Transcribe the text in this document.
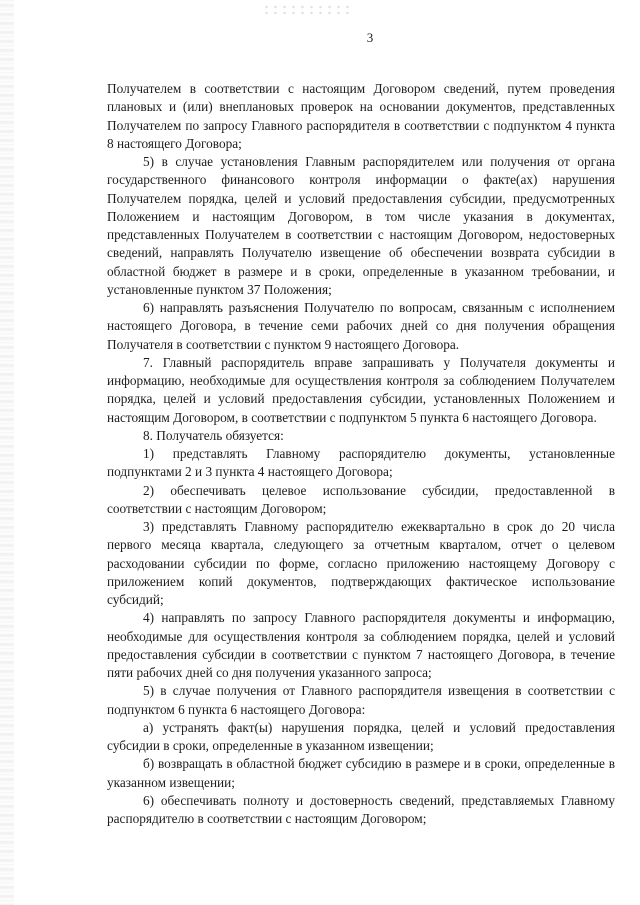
3

Получателем в соответствии с настоящим Договором сведений, путем проведения плановых и (или) внеплановых проверок на основании документов, представленных Получателем по запросу Главного распорядителя в соответствии с подпунктом 4 пункта 8 настоящего Договора;

5) в случае установления Главным распорядителем или получения от органа государственного финансового контроля информации о факте(ах) нарушения Получателем порядка, целей и условий предоставления субсидии, предусмотренных Положением и настоящим Договором, в том числе указания в документах, представленных Получателем в соответствии с настоящим Договором, недостоверных сведений, направлять Получателю извещение об обеспечении возврата субсидии в областной бюджет в размере и в сроки, определенные в указанном требовании, и установленные пунктом 37 Положения;

6) направлять разъяснения Получателю по вопросам, связанным с исполнением настоящего Договора, в течение семи рабочих дней со дня получения обращения Получателя в соответствии с пунктом 9 настоящего Договора.

7. Главный распорядитель вправе запрашивать у Получателя документы и информацию, необходимые для осуществления контроля за соблюдением Получателем порядка, целей и условий предоставления субсидии, установленных Положением и настоящим Договором, в соответствии с подпунктом 5 пункта 6 настоящего Договора.

8. Получатель обязуется:

1) представлять Главному распорядителю документы, установленные подпунктами 2 и 3 пункта 4 настоящего Договора;

2) обеспечивать целевое использование субсидии, предоставленной в соответствии с настоящим Договором;

3) представлять Главному распорядителю ежеквартально в срок до 20 числа первого месяца квартала, следующего за отчетным кварталом, отчет о целевом расходовании субсидии по форме, согласно приложению настоящему Договору с приложением копий документов, подтверждающих фактическое использование субсидий;

4) направлять по запросу Главного распорядителя документы и информацию, необходимые для осуществления контроля за соблюдением порядка, целей и условий предоставления субсидии в соответствии с пунктом 7 настоящего Договора, в течение пяти рабочих дней со дня получения указанного запроса;

5) в случае получения от Главного распорядителя извещения в соответствии с подпунктом 6 пункта 6 настоящего Договора:

а) устранять факт(ы) нарушения порядка, целей и условий предоставления субсидии в сроки, определенные в указанном извещении;

б) возвращать в областной бюджет субсидию в размере и в сроки, определенные в указанном извещении;

6) обеспечивать полноту и достоверность сведений, представляемых Главному распорядителю в соответствии с настоящим Договором;
